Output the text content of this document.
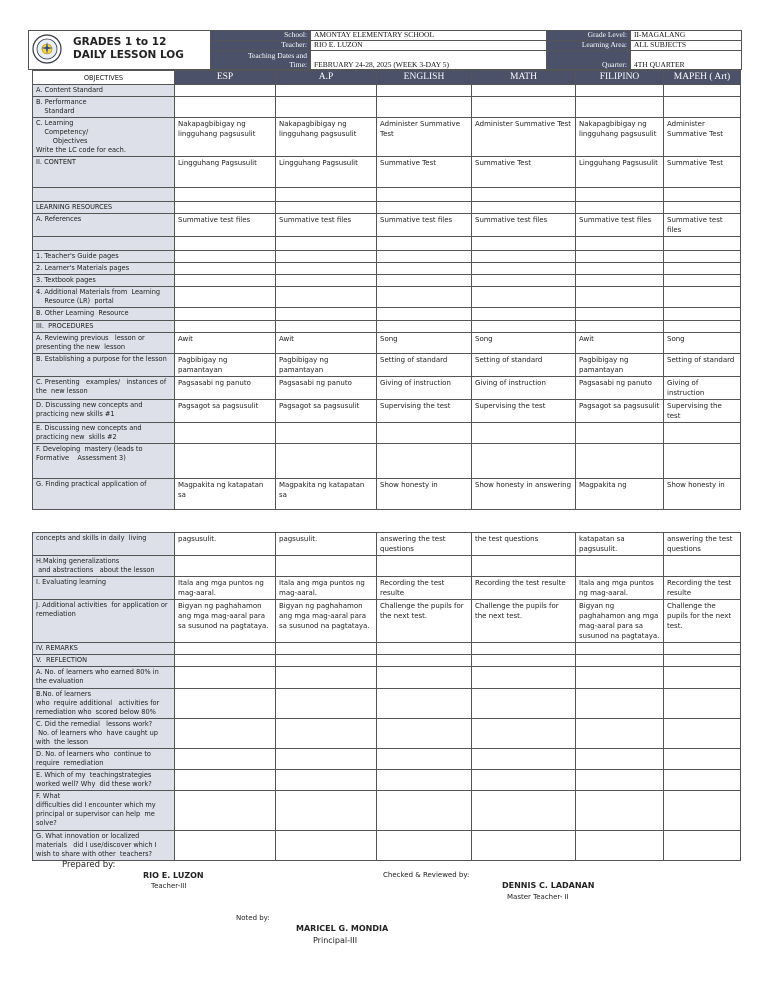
GRADES 1 to 12
DAILY LESSON LOG
School:	AMONTAY ELEMENTARY SCHOOL	Grade Level:	II-MAGALANG
Teacher:	RIO E. LUZON	Learning Area:	ALL SUBJECTS

Teaching Dates and
Time:	FEBRUARY 24-28, 2025 (WEEK 3-DAY 5)	Quarter:	4TH QUARTER
OBJECTIVES	ESP	A.P	ENGLISH	MATH	FILIPINO	MAPEH ( Art)
A. Content Standard						
B. Performance
Standard						
C. Learning
Competency/
Objectives
Write the LC code for each.	Nakapagbibigay ng lingguhang pagsusulit	Nakapagbibigay ng lingguhang pagsusulit	Administer Summative Test	Administer Summative Test	Nakapagbibigay ng lingguhang pagsusulit	Administer Summative Test
II. CONTENT	Lingguhang Pagsusulit	Lingguhang Pagsusulit	Summative Test	Summative Test	Lingguhang Pagsusulit	Summative Test

LEARNING RESOURCES						
A. References	Summative test files	Summative test files	Summative test files	Summative test files	Summative test files	Summative test files

1. Teacher's Guide pages						
2. Learner's Materials pages						
3. Textbook pages						
4. Additional Materials from  Learning
Resource (LR)  portal						
B. Other Learning  Resource						
III.  PROCEDURES						
A. Reviewing previous   lesson or presenting the new  lesson	Awit	Awit	Song	Song	Awit	Song
B. Establishing a purpose for the lesson	Pagbibigay ng pamantayan	Pagbibigay ng pamantayan	Setting of standard	Setting of standard	Pagbibigay ng pamantayan	Setting of standard
C. Presenting   examples/   instances of  the  new lesson	Pagsasabi ng panuto	Pagsasabi ng panuto	Giving of instruction	Giving of instruction	Pagsasabi ng panuto	Giving of instruction
D. Discussing new concepts and practicing new skills #1	Pagsagot sa pagsusulit	Pagsagot sa pagsusulit	Supervising the test	Supervising the test	Pagsagot sa pagsusulit	Supervising the test
E. Discussing new concepts and practicing new  skills #2						
F. Developing  mastery (leads to Formative    Assessment 3)						
G. Finding practical application of	Magpakita ng katapatan sa	Magpakita ng katapatan sa	Show honesty in	Show honesty in answering	Magpakita ng	Show honesty in
concepts and skills in daily  living	pagsusulit.	pagsusulit.	answering the test questions	the test questions	katapatan sa pagsusulit.	answering the test questions
H.Making generalizations
and abstractions   about the lesson						
I. Evaluating learning	Itala ang mga puntos ng mag-aaral.	Itala ang mga puntos ng mag-aaral.	Recording the test resulte	Recording the test resulte	Itala ang mga puntos ng mag-aaral.	Recording the test resulte
J. Additional activities  for application or  remediation	Bigyan ng paghahamon ang mga mag-aaral para sa susunod na pagtataya.	Bigyan ng paghahamon ang mga mag-aaral para sa susunod na pagtataya.	Challenge the pupils for the next test.	Challenge the pupils for the next test.	Bigyan ng paghahamon ang mga mag-aaral para sa susunod na pagtataya.	Challenge the pupils for the next test.
IV. REMARKS						
V.  REFLECTION						
A. No. of learners who earned 80% in the evaluation						
B.No. of learners
who  require additional   activities for remediation who  scored below 80%						
C. Did the remedial   lessons work?
No. of learners who  have caught up with  the lesson						
D. No. of learners who  continue to require  remediation						
E. Which of my  teachingstrategies worked well? Why  did these work?						
F. What
difficulties did I encounter which my principal or supervisor can help  me solve?						
G. What innovation or localized materials   did I use/discover which I wish to share with other  teachers?						
Prepared by:
RIO E. LUZON
Teacher-III
Checked & Reviewed by:
DENNIS C. LADANAN
Master Teacher- II
Noted by:
MARICEL G. MONDIA
Principal-III
